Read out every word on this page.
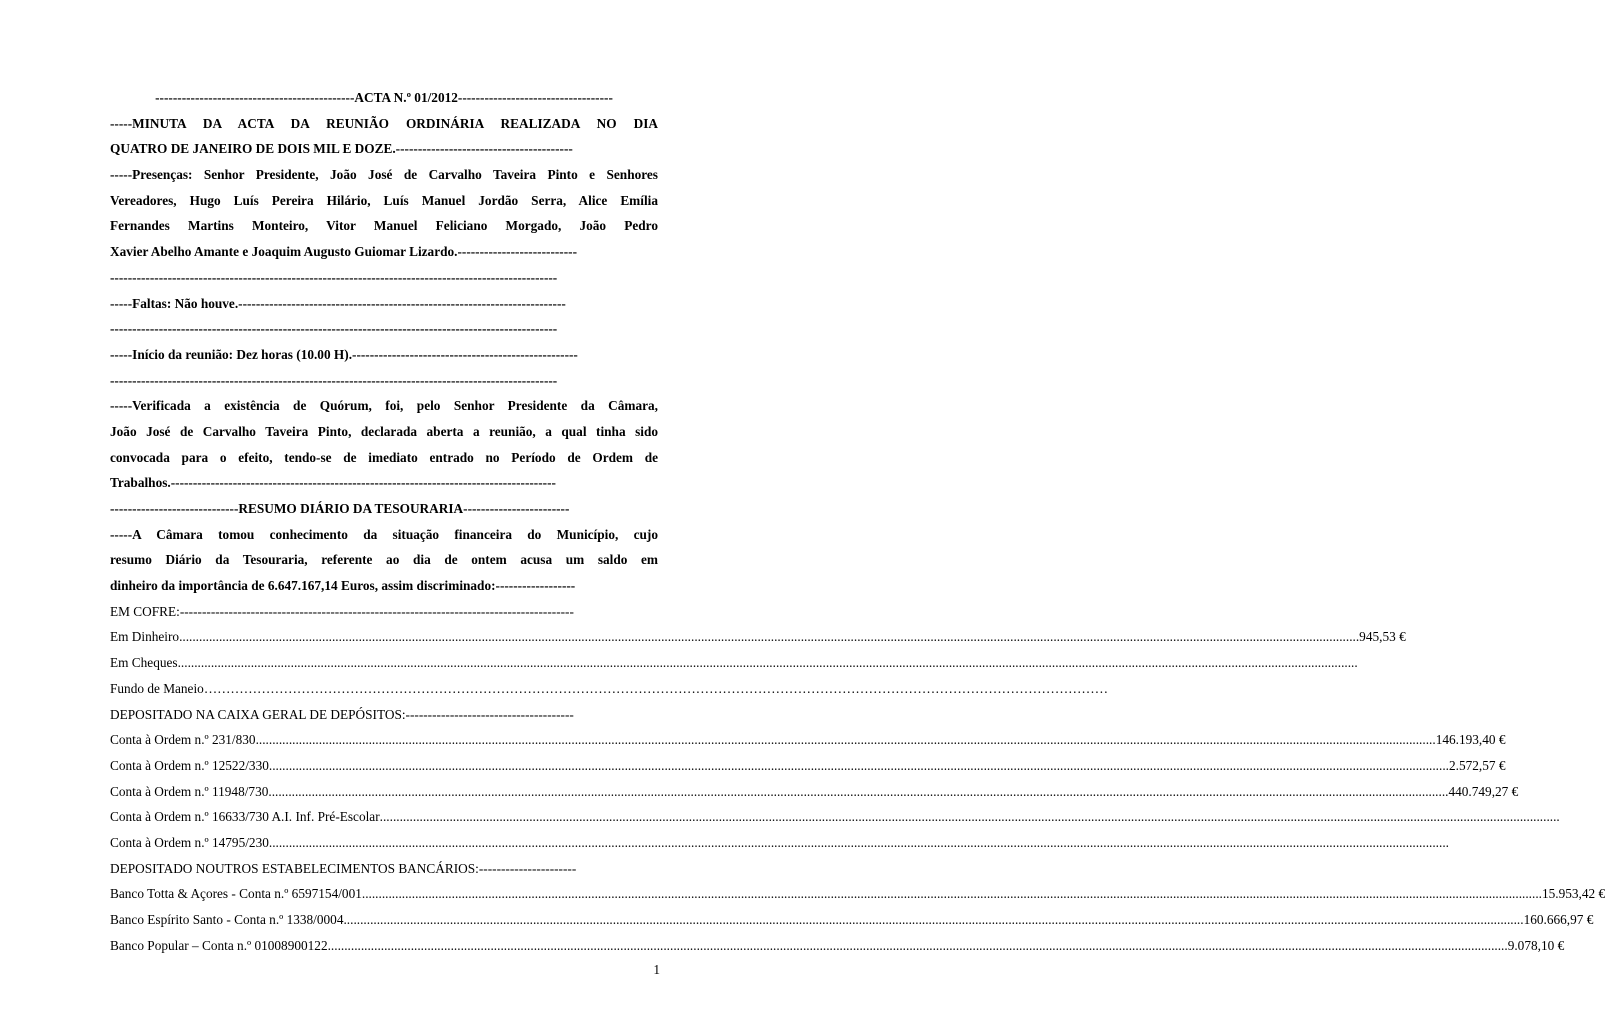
---------------------------------------------ACTA N.º 01/2012-----------------------------------
-----MINUTA DA ACTA DA REUNIÃO ORDINÁRIA REALIZADA NO DIA
QUATRO DE JANEIRO DE DOIS MIL E DOZE.----------------------------------------
-----Presenças: Senhor Presidente, João José de Carvalho Taveira Pinto e Senhores
Vereadores, Hugo Luís Pereira Hilário, Luís Manuel Jordão Serra, Alice Emília
Fernandes Martins Monteiro, Vitor Manuel Feliciano Morgado, João Pedro
Xavier Abelho Amante e Joaquim Augusto Guiomar Lizardo.---------------------------
-----------------------------------------------------------------------------------------------------
-----Faltas: Não houve.--------------------------------------------------------------------------
-----------------------------------------------------------------------------------------------------
-----Início da reunião: Dez horas (10.00 H).---------------------------------------------------
-----------------------------------------------------------------------------------------------------
-----Verificada a existência de Quórum, foi, pelo Senhor Presidente da Câmara,
João José de Carvalho Taveira Pinto, declarada aberta a reunião, a qual tinha sido
convocada para o efeito, tendo-se de imediato entrado no Período de Ordem de
Trabalhos.---------------------------------------------------------------------------------------
-----------------------------RESUMO DIÁRIO DA TESOURARIA------------------------
-----A Câmara tomou conhecimento da situação financeira do Município, cujo
resumo Diário da Tesouraria, referente ao dia de ontem acusa um saldo em
dinheiro da importância de 6.647.167,14 Euros, assim discriminado:------------------
EM COFRE:-----------------------------------------------------------------------------------------
Em Dinheiro ................................................................................................................................................................................................................................................................................................................................................................... 945,53 €
Em Cheques ...................................................................................................................................................................................................................................................................................................................................................................
Fundo de Maneio ……………………………………………………………………………………………………………………………………………………………………………………
DEPOSITADO NA CAIXA GERAL DE DEPÓSITOS:--------------------------------------
Conta à Ordem n.º 231/830 ................................................................................................................................................................................................................................................................................................................................................................... 146.193,40 €
Conta à Ordem n.º 12522/330 ................................................................................................................................................................................................................................................................................................................................................................... 2.572,57 €
Conta à Ordem n.º 11948/730 ................................................................................................................................................................................................................................................................................................................................................................... 440.749,27 €
Conta à Ordem n.º 16633/730 A.I. Inf. Pré-Escolar ...................................................................................................................................................................................................................................................................................................................................................................
Conta à Ordem n.º 14795/230 ...................................................................................................................................................................................................................................................................................................................................................................
DEPOSITADO NOUTROS ESTABELECIMENTOS BANCÁRIOS:----------------------
Banco Totta & Açores - Conta n.º 6597154/001 ................................................................................................................................................................................................................................................................................................................................................................... 15.953,42 €
Banco Espírito Santo - Conta n.º 1338/0004 ................................................................................................................................................................................................................................................................................................................................................................... 160.666,97 €
Banco Popular – Conta n.º 01008900122 ................................................................................................................................................................................................................................................................................................................................................................... 9.078,10 €
1
